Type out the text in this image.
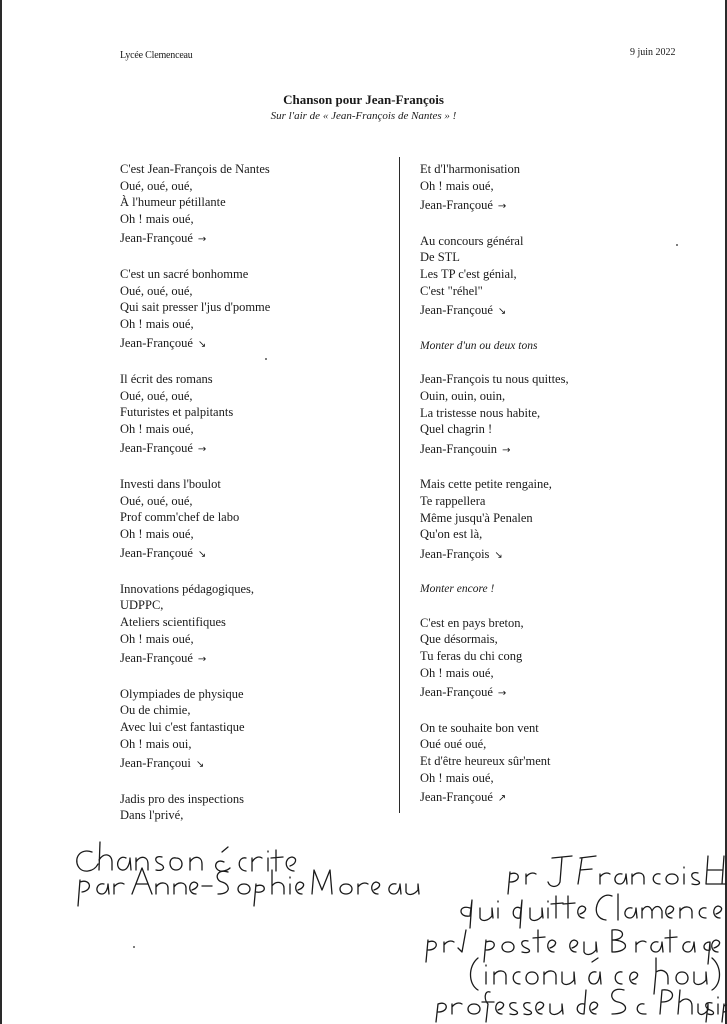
Lycée Clemenceau	9 juin 2022
Chanson pour Jean-François
Sur l'air de « Jean-François de Nantes » !
C'est Jean-François de Nantes
Oué, oué, oué,
À l'humeur pétillante
Oh ! mais oué,
Jean-Françoué →
C'est un sacré bonhomme
Oué, oué, oué,
Qui sait presser l'jus d'pomme
Oh ! mais oué,
Jean-Françoué ↘
Il écrit des romans
Oué, oué, oué,
Futuristes et palpitants
Oh ! mais oué,
Jean-Françoué →
Investi dans l'boulot
Oué, oué, oué,
Prof comm'chef de labo
Oh ! mais oué,
Jean-Françoué ↘
Innovations pédagogiques,
UDPPC,
Ateliers scientifiques
Oh ! mais oué,
Jean-Françoué →
Olympiades de physique
Ou de chimie,
Avec lui c'est fantastique
Oh ! mais oui,
Jean-Françoui ↘
Jadis pro des inspections
Dans l'privé,
Et d'l'harmonisation
Oh ! mais oué,
Jean-Françoué →
Au concours général
De STL
Les TP c'est génial,
C'est "réhel"
Jean-Françoué ↘
Monter d'un ou deux tons
Jean-François tu nous quittes,
Ouin, ouin, ouin,
La tristesse nous habite,
Quel chagrin !
Jean-Françouin →
Mais cette petite rengaine,
Te rappellera
Même jusqu'à Penalen
Qu'on est là,
Jean-François ↘
Monter encore !
C'est en pays breton,
Que désormais,
Tu feras du chi cong
Oh ! mais oué,
Jean-Françoué →
On te souhaite bon vent
Oué oué oué,
Et d'être heureux sûr'ment
Oh ! mais oué,
Jean-Françoué ↗
